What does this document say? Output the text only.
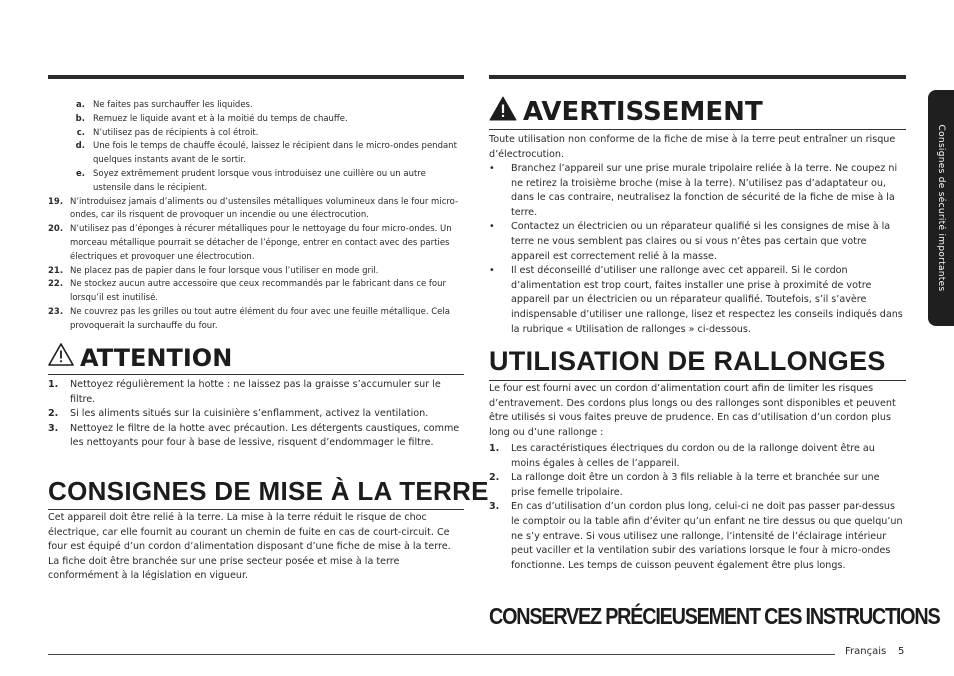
a. Ne faites pas surchauffer les liquides.
b. Remuez le liquide avant et à la moitié du temps de chauffe.
c. N’utilisez pas de récipients à col étroit.
d. Une fois le temps de chauffe écoulé, laissez le récipient dans le micro-ondes pendant quelques instants avant de le sortir.
e. Soyez extrêmement prudent lorsque vous introduisez une cuillère ou un autre ustensile dans le récipient.
19. N’introduisez jamais d’aliments ou d’ustensiles métalliques volumineux dans le four micro-ondes, car ils risquent de provoquer un incendie ou une électrocution.
20. N’utilisez pas d’éponges à récurer métalliques pour le nettoyage du four micro-ondes. Un morceau métallique pourrait se détacher de l’éponge, entrer en contact avec des parties électriques et provoquer une électrocution.
21. Ne placez pas de papier dans le four lorsque vous l’utiliser en mode gril.
22. Ne stockez aucun autre accessoire que ceux recommandés par le fabricant dans ce four lorsqu’il est inutilisé.
23. Ne couvrez pas les grilles ou tout autre élément du four avec une feuille métallique. Cela provoquerait la surchauffe du four.
ATTENTION
1.	Nettoyez régulièrement la hotte : ne laissez pas la graisse s’accumuler sur le filtre.
2.	Si les aliments situés sur la cuisinière s’enflamment, activez la ventilation.
3.	Nettoyez le filtre de la hotte avec précaution. Les détergents caustiques, comme les nettoyants pour four à base de lessive, risquent d’endommager le filtre.
CONSIGNES DE MISE À LA TERRE
Cet appareil doit être relié à la terre. La mise à la terre réduit le risque de choc électrique, car elle fournit au courant un chemin de fuite en cas de court-circuit. Ce four est équipé d’un cordon d’alimentation disposant d’une fiche de mise à la terre. La fiche doit être branchée sur une prise secteur posée et mise à la terre conformément à la législation en vigueur.
AVERTISSEMENT
Toute utilisation non conforme de la fiche de mise à la terre peut entraîner un risque d’électrocution.
•	Branchez l’appareil sur une prise murale tripolaire reliée à la terre. Ne coupez ni ne retirez la troisième broche (mise à la terre). N’utilisez pas d’adaptateur ou, dans le cas contraire, neutralisez la fonction de sécurité de la fiche de mise à la terre.
•	Contactez un électricien ou un réparateur qualifié si les consignes de mise à la terre ne vous semblent pas claires ou si vous n’êtes pas certain que votre appareil est correctement relié à la masse.
•	Il est déconseillé d’utiliser une rallonge avec cet appareil. Si le cordon d’alimentation est trop court, faites installer une prise à proximité de votre appareil par un électricien ou un réparateur qualifié. Toutefois, s’il s’avère indispensable d’utiliser une rallonge, lisez et respectez les conseils indiqués dans la rubrique « Utilisation de rallonges » ci-dessous.
UTILISATION DE RALLONGES
Le four est fourni avec un cordon d’alimentation court afin de limiter les risques d’entravement. Des cordons plus longs ou des rallonges sont disponibles et peuvent être utilisés si vous faites preuve de prudence. En cas d’utilisation d’un cordon plus long ou d’une rallonge :
1.	Les caractéristiques électriques du cordon ou de la rallonge doivent être au moins égales à celles de l’appareil.
2.	La rallonge doit être un cordon à 3 fils reliable à la terre et branchée sur une prise femelle tripolaire.
3.	En cas d’utilisation d’un cordon plus long, celui-ci ne doit pas passer par-dessus le comptoir ou la table afin d’éviter qu’un enfant ne tire dessus ou que quelqu’un ne s’y entrave. Si vous utilisez une rallonge, l’intensité de l’éclairage intérieur peut vaciller et la ventilation subir des variations lorsque le four à micro-ondes fonctionne. Les temps de cuisson peuvent également être plus longs.
CONSERVEZ PRÉCIEUSEMENT CES INSTRUCTIONS
Consignes de sécurité importantes
Français 5
